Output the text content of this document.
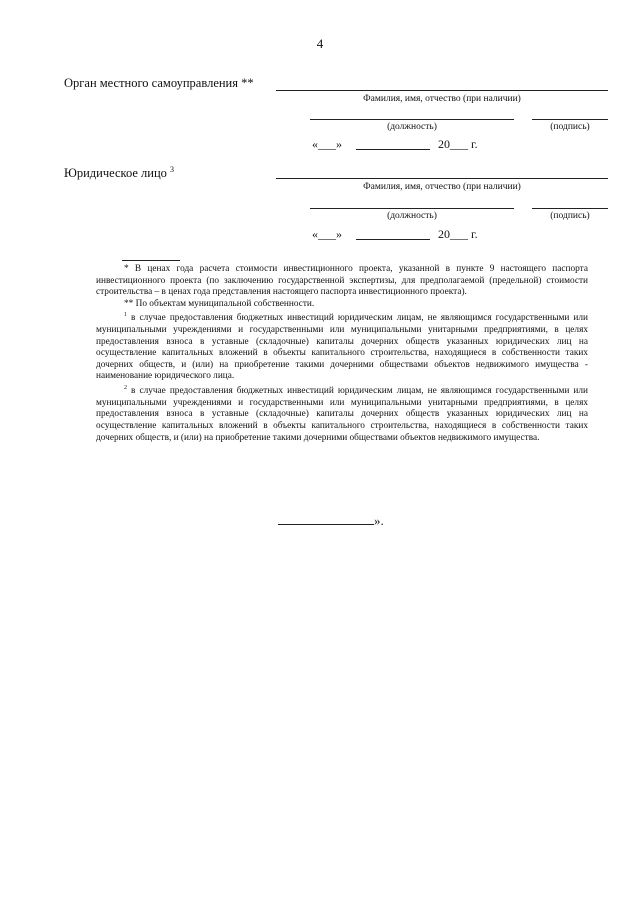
4
Орган местного самоуправления **
Фамилия, имя, отчество (при наличии)
(должность)	(подпись)
«___»	20___ г.
Юридическое лицо $^3$
Фамилия, имя, отчество (при наличии)
(должность)	(подпись)
«___»	20___ г.

* В ценах года расчета стоимости инвестиционного проекта, указанной в пункте 9 настоящего паспорта инвестиционного проекта (по заключению государственной экспертизы, для предполагаемой (предельной) стоимости строительства – в ценах года представления настоящего паспорта инвестиционного проекта).

** По объектам муниципальной собственности.

$^1$ в случае предоставления бюджетных инвестиций юридическим лицам, не являющимся государственными или муниципальными учреждениями и государственными или муниципальными унитарными предприятиями, в целях предоставления взноса в уставные (складочные) капиталы дочерних обществ указанных юридических лиц на осуществление капитальных вложений в объекты капитального строительства, находящиеся в собственности таких дочерних обществ, и (или) на приобретение такими дочерними обществами объектов недвижимого имущества - наименование юридического лица.

$^2$ в случае предоставления бюджетных инвестиций юридическим лицам, не являющимся государственными или муниципальными учреждениями и государственными или муниципальными унитарными предприятиями, в целях предоставления взноса в уставные (складочные) капиталы дочерних обществ указанных юридических лиц на осуществление капитальных вложений в объекты капитального строительства, находящиеся в собственности таких дочерних обществ, и (или) на приобретение такими дочерними обществами объектов недвижимого имущества.

».
